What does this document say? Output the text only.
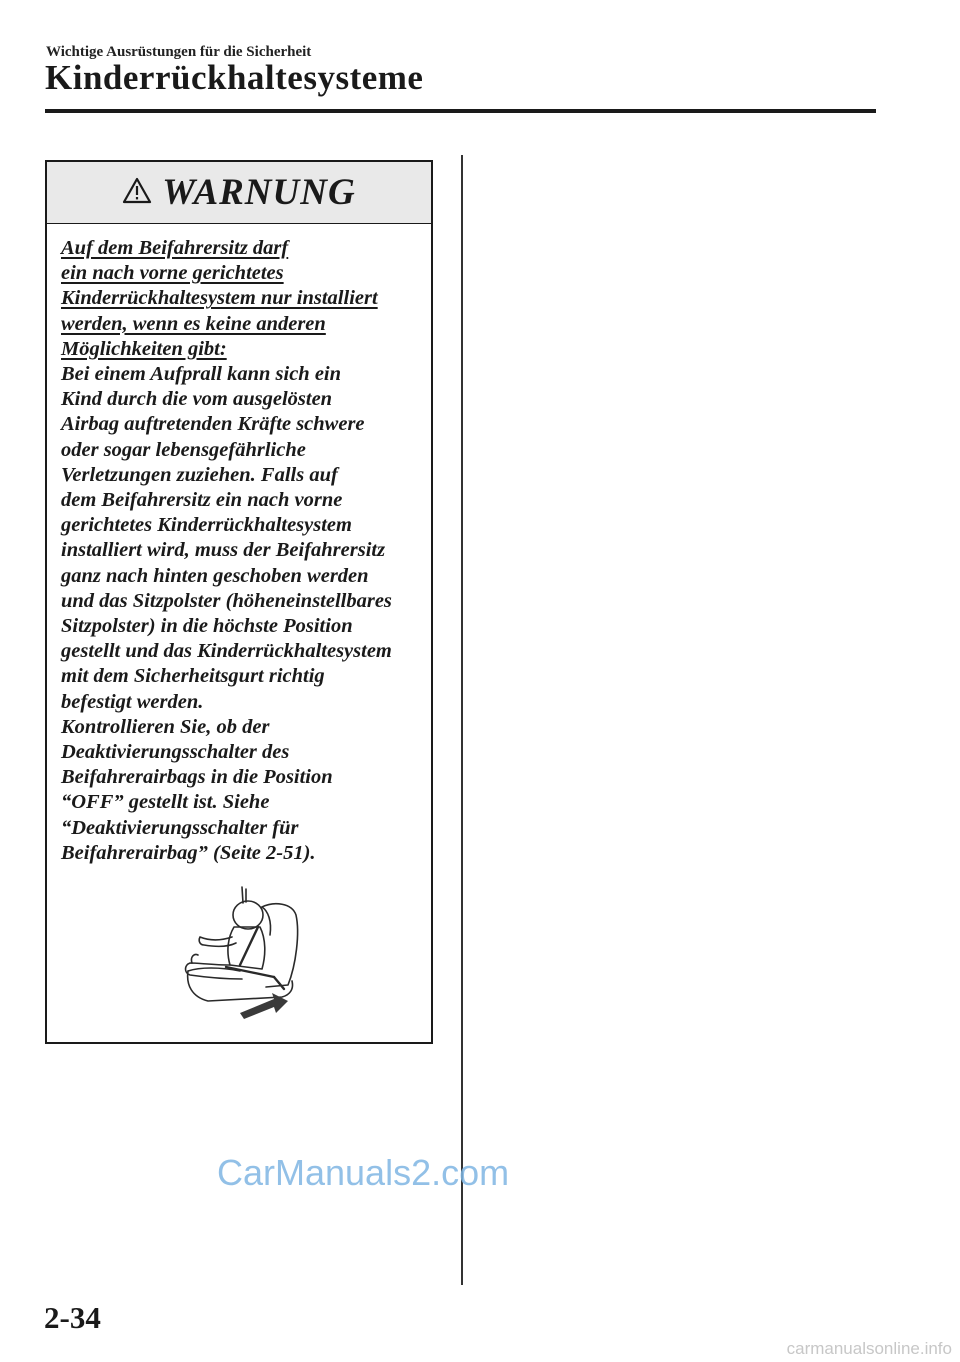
Wichtige Ausrüstungen für die Sicherheit
Kinderrückhaltesysteme
WARNUNG

Auf dem Beifahrersitz darf

ein nach vorne gerichtetes

Kinderrückhaltesystem nur installiert

werden, wenn es keine anderen

Möglichkeiten gibt:

Bei einem Aufprall kann sich ein

Kind durch die vom ausgelösten

Airbag auftretenden Kräfte schwere

oder sogar lebensgefährliche

Verletzungen zuziehen. Falls auf

dem Beifahrersitz ein nach vorne

gerichtetes Kinderrückhaltesystem

installiert wird, muss der Beifahrersitz

ganz nach hinten geschoben werden

und das Sitzpolster (höheneinstellbares

Sitzpolster) in die höchste Position

gestellt und das Kinderrückhaltesystem

mit dem Sicherheitsgurt richtig

befestigt werden.

Kontrollieren Sie, ob der

Deaktivierungsschalter des

Beifahrerairbags in die Position

“OFF” gestellt ist. Siehe

“Deaktivierungsschalter für

Beifahrerairbag” (Seite 2-51).

CarManuals2.com
2-34
carmanualsonline.info
